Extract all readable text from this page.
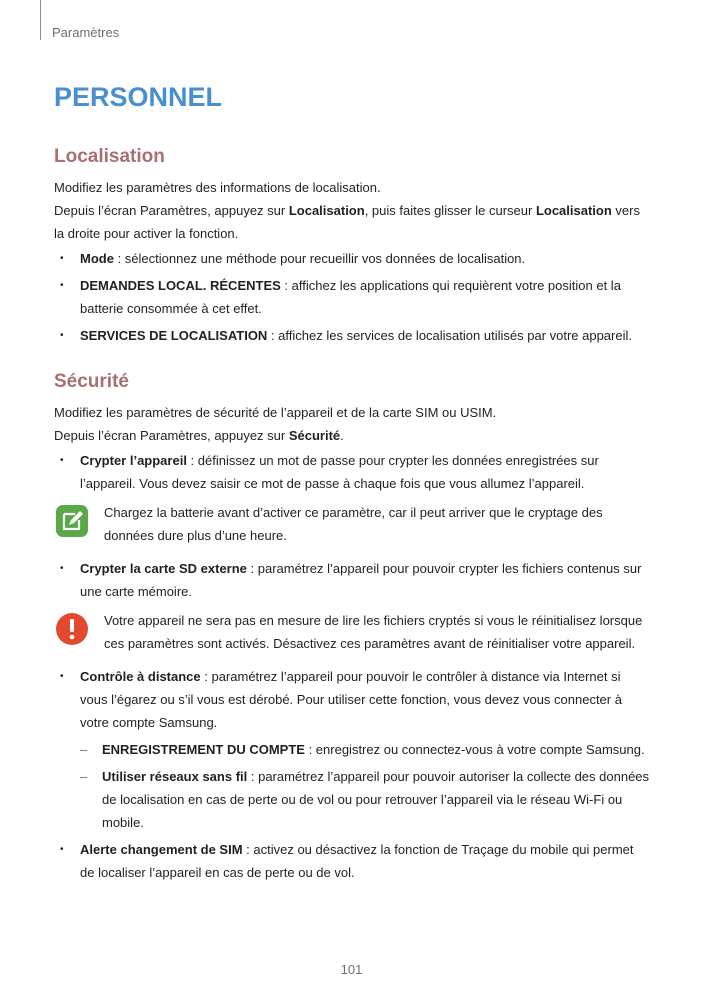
Paramètres
PERSONNEL
Localisation

Modifiez les paramètres des informations de localisation.

Depuis l’écran Paramètres, appuyez sur Localisation, puis faites glisser le curseur Localisation vers la droite pour activer la fonction.

• Mode : sélectionnez une méthode pour recueillir vos données de localisation.
• DEMANDES LOCAL. RÉCENTES : affichez les applications qui requièrent votre position et la batterie consommée à cet effet.
• SERVICES DE LOCALISATION : affichez les services de localisation utilisés par votre appareil.
Sécurité

Modifiez les paramètres de sécurité de l’appareil et de la carte SIM ou USIM.

Depuis l’écran Paramètres, appuyez sur Sécurité.

• Crypter l’appareil : définissez un mot de passe pour crypter les données enregistrées sur l’appareil. Vous devez saisir ce mot de passe à chaque fois que vous allumez l’appareil.
Chargez la batterie avant d’activer ce paramètre, car il peut arriver que le cryptage des données dure plus d’une heure.
• Crypter la carte SD externe : paramétrez l’appareil pour pouvoir crypter les fichiers contenus sur une carte mémoire.
Votre appareil ne sera pas en mesure de lire les fichiers cryptés si vous le réinitialisez lorsque ces paramètres sont activés. Désactivez ces paramètres avant de réinitialiser votre appareil.
• Contrôle à distance : paramétrez l’appareil pour pouvoir le contrôler à distance via Internet si vous l’égarez ou s’il vous est dérobé. Pour utiliser cette fonction, vous devez vous connecter à votre compte Samsung.
– ENREGISTREMENT DU COMPTE : enregistrez ou connectez-vous à votre compte Samsung.
– Utiliser réseaux sans fil : paramétrez l’appareil pour pouvoir autoriser la collecte des données de localisation en cas de perte ou de vol ou pour retrouver l’appareil via le réseau Wi-Fi ou mobile.
• Alerte changement de SIM : activez ou désactivez la fonction de Traçage du mobile qui permet de localiser l’appareil en cas de perte ou de vol.
101
